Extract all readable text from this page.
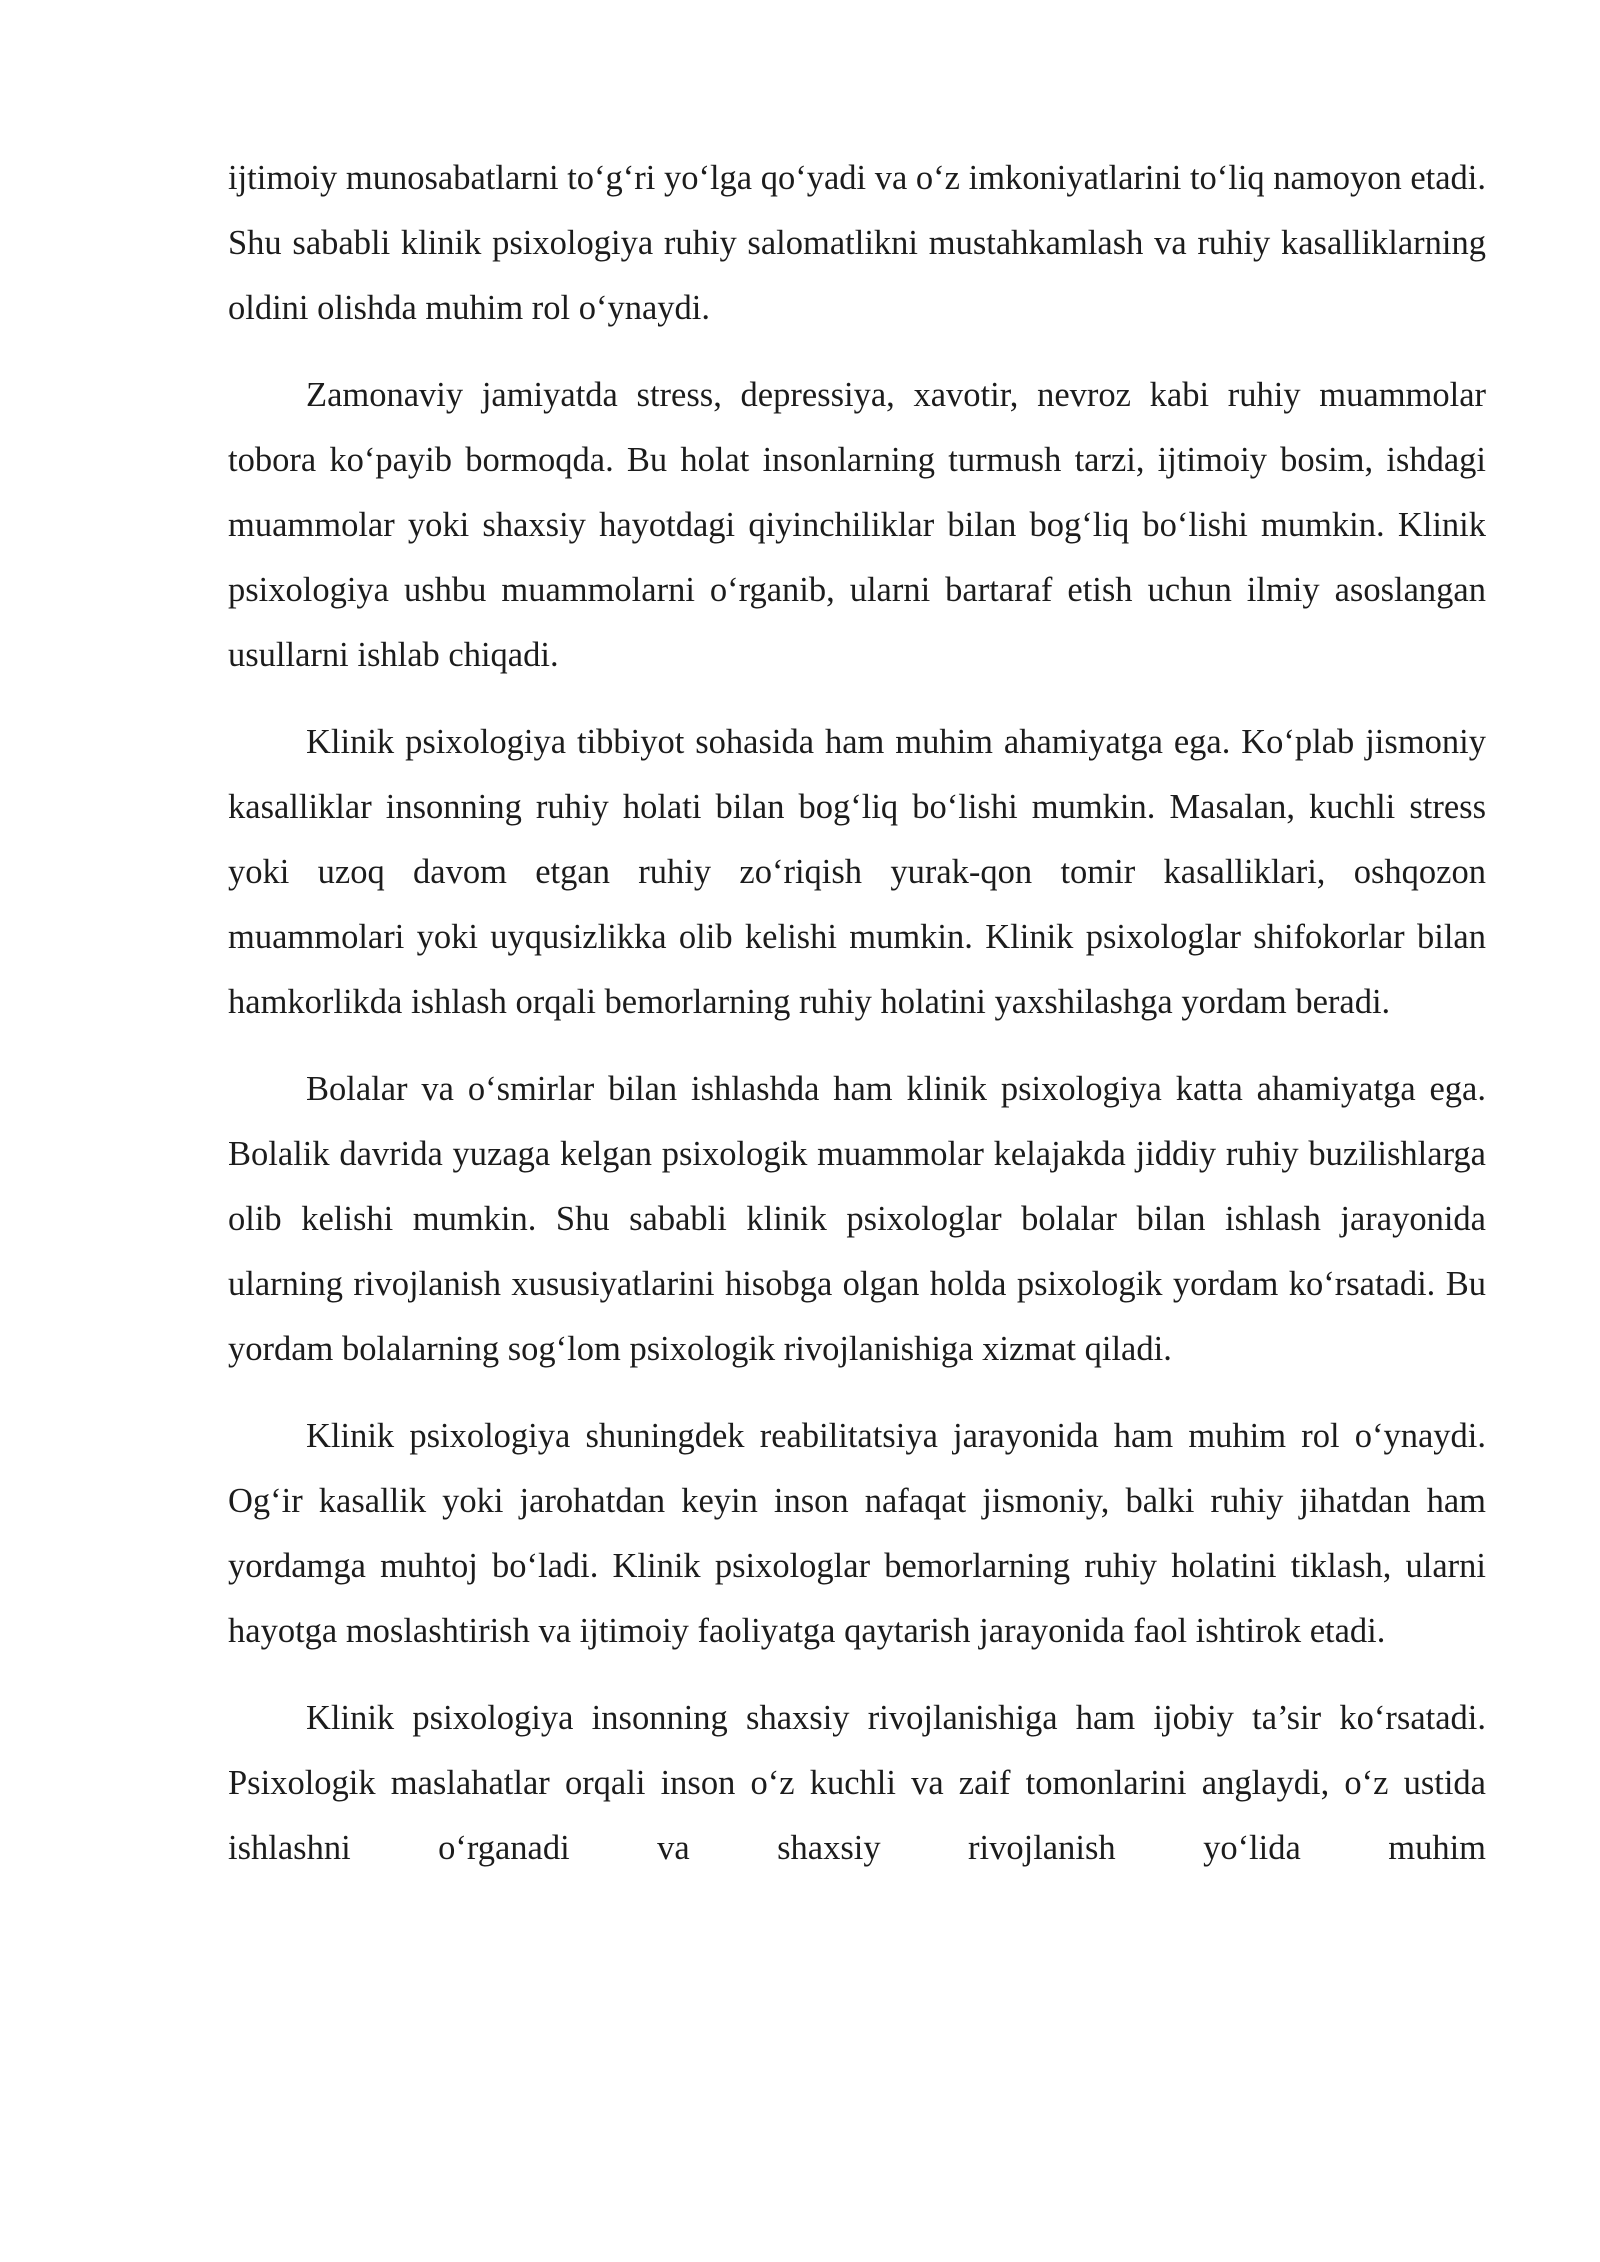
ijtimoiy munosabatlarni to‘g‘ri yo‘lga qo‘yadi va o‘z imkoniyatlarini to‘liq namoyon etadi. Shu sababli klinik psixologiya ruhiy salomatlikni mustahkamlash va ruhiy kasalliklarning oldini olishda muhim rol o‘ynaydi.

Zamonaviy jamiyatda stress, depressiya, xavotir, nevroz kabi ruhiy muammolar tobora ko‘payib bormoqda. Bu holat insonlarning turmush tarzi, ijtimoiy bosim, ishdagi muammolar yoki shaxsiy hayotdagi qiyinchiliklar bilan bog‘liq bo‘lishi mumkin. Klinik psixologiya ushbu muammolarni o‘rganib, ularni bartaraf etish uchun ilmiy asoslangan usullarni ishlab chiqadi.

Klinik psixologiya tibbiyot sohasida ham muhim ahamiyatga ega. Ko‘plab jismoniy kasalliklar insonning ruhiy holati bilan bog‘liq bo‘lishi mumkin. Masalan, kuchli stress yoki uzoq davom etgan ruhiy zo‘riqish yurak-qon tomir kasalliklari, oshqozon muammolari yoki uyqusizlikka olib kelishi mumkin. Klinik psixologlar shifokorlar bilan hamkorlikda ishlash orqali bemorlarning ruhiy holatini yaxshilashga yordam beradi.

Bolalar va o‘smirlar bilan ishlashda ham klinik psixologiya katta ahamiyatga ega. Bolalik davrida yuzaga kelgan psixologik muammolar kelajakda jiddiy ruhiy buzilishlarga olib kelishi mumkin. Shu sababli klinik psixologlar bolalar bilan ishlash jarayonida ularning rivojlanish xususiyatlarini hisobga olgan holda psixologik yordam ko‘rsatadi. Bu yordam bolalarning sog‘lom psixologik rivojlanishiga xizmat qiladi.

Klinik psixologiya shuningdek reabilitatsiya jarayonida ham muhim rol o‘ynaydi. Og‘ir kasallik yoki jarohatdan keyin inson nafaqat jismoniy, balki ruhiy jihatdan ham yordamga muhtoj bo‘ladi. Klinik psixologlar bemorlarning ruhiy holatini tiklash, ularni hayotga moslashtirish va ijtimoiy faoliyatga qaytarish jarayonida faol ishtirok etadi.

Klinik psixologiya insonning shaxsiy rivojlanishiga ham ijobiy ta’sir ko‘rsatadi. Psixologik maslahatlar orqali inson o‘z kuchli va zaif tomonlarini anglaydi, o‘z ustida ishlashni o‘rganadi va shaxsiy rivojlanish yo‘lida muhim
